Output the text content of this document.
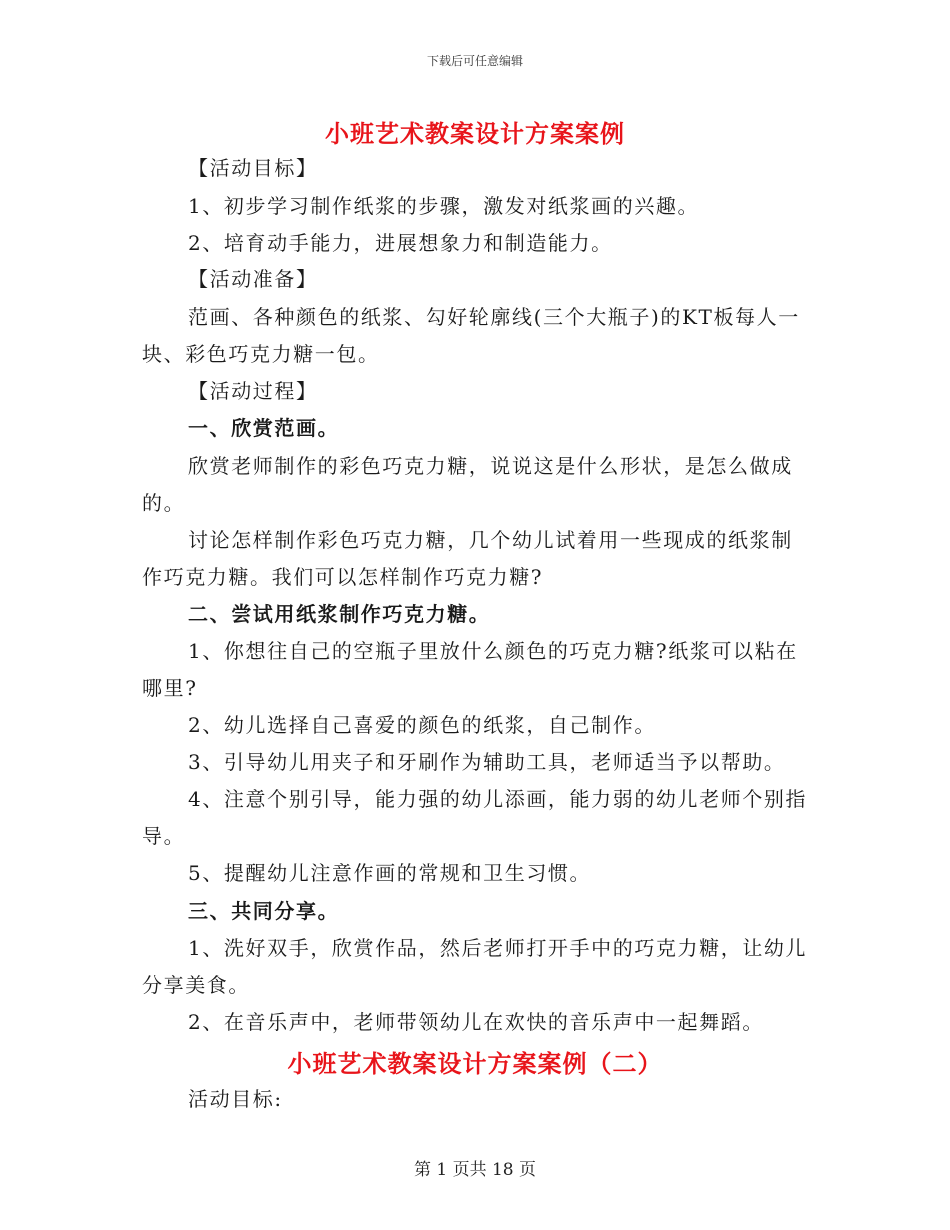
下载后可任意编辑
小班艺术教案设计方案案例
【活动目标】
1、初步学习制作纸浆的步骤，激发对纸浆画的兴趣。
2、培育动手能力，进展想象力和制造能力。
【活动准备】
范画、各种颜色的纸浆、勾好轮廓线(三个大瓶子)的KT板每人一
块、彩色巧克力糖一包。
【活动过程】
一、欣赏范画。
欣赏老师制作的彩色巧克力糖，说说这是什么形状，是怎么做成
的。
讨论怎样制作彩色巧克力糖，几个幼儿试着用一些现成的纸浆制
作巧克力糖。我们可以怎样制作巧克力糖?
二、尝试用纸浆制作巧克力糖。
1、你想往自己的空瓶子里放什么颜色的巧克力糖?纸浆可以粘在
哪里?
2、幼儿选择自己喜爱的颜色的纸浆，自己制作。
3、引导幼儿用夹子和牙刷作为辅助工具，老师适当予以帮助。
4、注意个别引导，能力强的幼儿添画，能力弱的幼儿老师个别指
导。
5、提醒幼儿注意作画的常规和卫生习惯。
三、共同分享。
1、洗好双手，欣赏作品，然后老师打开手中的巧克力糖，让幼儿
分享美食。
2、在音乐声中，老师带领幼儿在欢快的音乐声中一起舞蹈。
小班艺术教案设计方案案例（二）
活动目标:
第 1 页共 18 页
